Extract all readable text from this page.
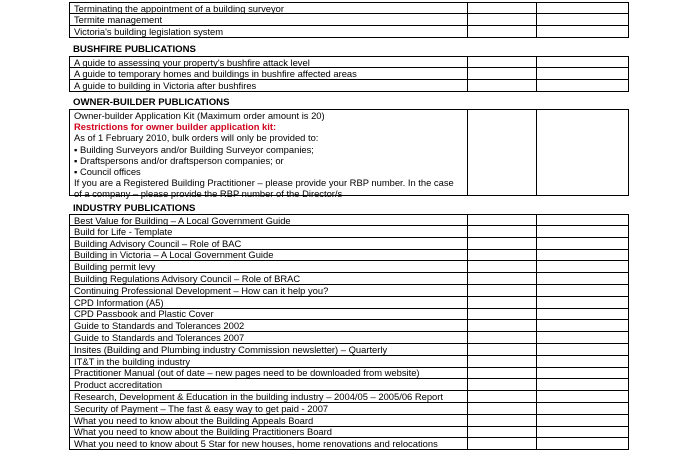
Terminating the appointment of a building surveyor
Termite management
Victoria's building legislation system
BUSHFIRE PUBLICATIONS
A guide to assessing your property's bushfire attack level
A guide to temporary homes and buildings in bushfire affected areas
A guide to building in Victoria after bushfires
OWNER-BUILDER PUBLICATIONS
Owner-builder Application Kit (Maximum order amount is 20)
Restrictions for owner builder application kit:
As of 1 February 2010, bulk orders will only be provided to:
▪ Building Surveyors and/or Building Surveyor companies;
▪ Draftspersons and/or draftsperson companies; or
▪ Council offices
If you are a Registered Building Practitioner – please provide your RBP number. In the case
of a company – please provide the RBP number of the Director/s
INDUSTRY PUBLICATIONS
Best Value for Building – A Local Government Guide
Build for Life - Template
Building Advisory Council – Role of BAC
Building in Victoria – A Local Government Guide
Building permit levy
Building Regulations Advisory Council – Role of BRAC
Continuing Professional Development – How can it help you?
CPD Information (A5)
CPD Passbook and Plastic Cover
Guide to Standards and Tolerances 2002
Guide to Standards and Tolerances 2007
Insites (Building and Plumbing industry Commission newsletter) – Quarterly
IT&T in the building industry
Practitioner Manual (out of date – new pages need to be downloaded from website)
Product accreditation
Research, Development & Education in the building industry – 2004/05 – 2005/06 Report
Security of Payment – The fast & easy way to get paid - 2007
What you need to know about the Building Appeals Board
What you need to know about the Building Practitioners Board
What you need to know about 5 Star for new houses, home renovations and relocations
